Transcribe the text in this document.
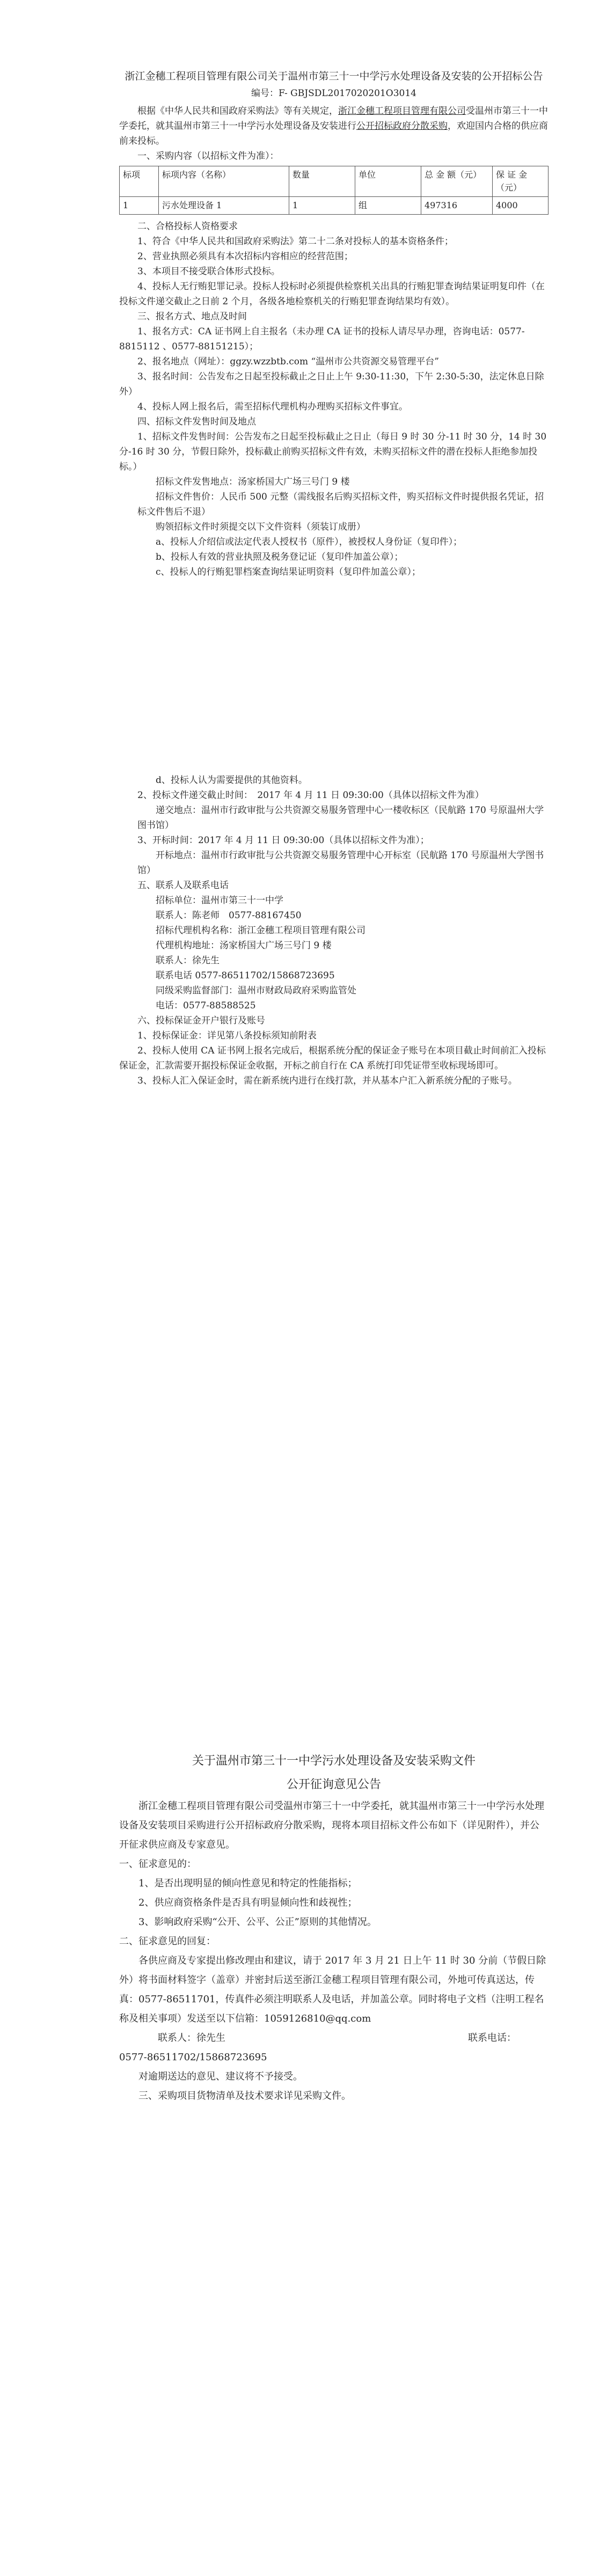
浙江金穗工程项目管理有限公司关于温州市第三十一中学污水处理设备及安装的公开招标公告

编号：F- GBJSDL2017020201O3014

根据《中华人民共和国政府采购法》等有关规定，浙江金穗工程项目管理有限公司受温州市第三十一中学委托，就其温州市第三十一中学污水处理设备及安装进行公开招标政府分散采购，欢迎国内合格的供应商前来投标。

一、采购内容（以招标文件为准）：

标项	标项内容（名称）	数量	单位	总 金 额（元）	保 证 金（元）
1	污水处理设备 1	1	组	497316	4000

二、合格投标人资格要求

1、符合《中华人民共和国政府采购法》第二十二条对投标人的基本资格条件；

2、营业执照必须具有本次招标内容相应的经营范围；

3、本项目不接受联合体形式投标。

4、投标人无行贿犯罪记录。投标人投标时必须提供检察机关出具的行贿犯罪查询结果证明复印件（在投标文件递交截止之日前 2 个月，各级各地检察机关的行贿犯罪查询结果均有效）。

三、报名方式、地点及时间

1、报名方式：CA 证书网上自主报名（未办理 CA 证书的投标人请尽早办理，咨询电话：0577-8815112 、0577-88151215）；

2、报名地点（网址）：ggzy.wzzbtb.com “温州市公共资源交易管理平台”

3、报名时间：公告发布之日起至投标截止之日止上午 9:30-11:30，下午 2:30-5:30，法定休息日除外）

4、投标人网上报名后，需至招标代理机构办理购买招标文件事宜。

四、招标文件发售时间及地点

1、招标文件发售时间：公告发布之日起至投标截止之日止（每日 9 时 30 分-11 时 30 分，14 时 30 分-16 时 30 分，节假日除外，投标截止前购买招标文件有效，未购买招标文件的潜在投标人拒绝参加投标。）

招标文件发售地点：汤家桥国大广场三号门 9 楼

招标文件售价：人民币 500 元整（需线报名后购买招标文件，购买招标文件时提供报名凭证，招标文件售后不退）

购领招标文件时须提交以下文件资料（须装订成册）

a、投标人介绍信或法定代表人授权书（原件），被授权人身份证（复印件）；

b、投标人有效的营业执照及税务登记证（复印件加盖公章）；

c、投标人的行贿犯罪档案查询结果证明资料（复印件加盖公章）；

d、投标人认为需要提供的其他资料。

2、投标文件递交截止时间：　2017 年 4 月 11 日 09:30:00（具体以招标文件为准）

递交地点：温州市行政审批与公共资源交易服务管理中心一楼收标区（民航路 170 号原温州大学图书馆）

3、开标时间：2017 年 4 月 11 日 09:30:00（具体以招标文件为准）；

开标地点：温州市行政审批与公共资源交易服务管理中心开标室（民航路 170 号原温州大学图书馆）

五、联系人及联系电话

招标单位：温州市第三十一中学

联系人：陈老师　0577-88167450

招标代理机构名称：浙江金穗工程项目管理有限公司

代理机构地址：汤家桥国大广场三号门 9 楼

联系人：徐先生

联系电话 0577-86511702/15868723695

同级采购监督部门：温州市财政局政府采购监管处

电话：0577-88588525

六、投标保证金开户银行及账号

1、投标保证金：详见第八条投标须知前附表

2、投标人使用 CA 证书网上报名完成后，根据系统分配的保证金子账号在本项目截止时间前汇入投标保证金，汇款需要开据投标保证金收据，开标之前自行在 CA 系统打印凭证带至收标现场即可。

3、投标人汇入保证金时，需在新系统内进行在线打款，并从基本户汇入新系统分配的子账号。

关于温州市第三十一中学污水处理设备及安装采购文件

公开征询意见公告

浙江金穗工程项目管理有限公司受温州市第三十一中学委托，就其温州市第三十一中学污水处理设备及安装项目采购进行公开招标政府分散采购，现将本项目招标文件公布如下（详见附件），并公开征求供应商及专家意见。

一、征求意见的：

1、是否出现明显的倾向性意见和特定的性能指标；

2、供应商资格条件是否具有明显倾向性和歧视性；

3、影响政府采购“公开、公平、公正”原则的其他情况。

二、征求意见的回复：

各供应商及专家提出修改理由和建议，请于 2017 年 3 月 21 日上午 11 时 30 分前（节假日除外）将书面材料签字（盖章）并密封后送至浙江金穗工程项目管理有限公司，外地可传真送达，传真：0577-86511701，传真件必须注明联系人及电话，并加盖公章。同时将电子文档（注明工程名称及相关事项）发送至以下信箱：1059126810@qq.com

联系人：徐先生	联系电话：

0577-86511702/15868723695

对逾期送达的意见、建议将不予接受。

三、采购项目货物清单及技术要求详见采购文件。
